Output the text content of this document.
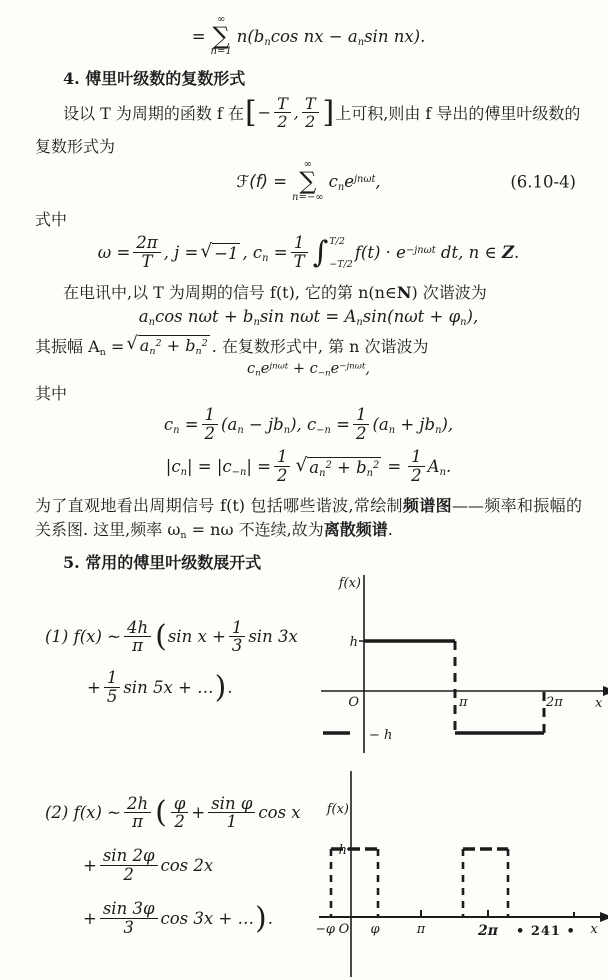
=
∞
∑
n=1
$n(b_n\cos$ nx − $a_n\sin$ nx).
4. 傅里叶级数的复数形式
设以 T 为周期的函数 f 在 [ − $\frac{T}{2}$ , $\frac{T}{2}$ ] 上可积,则由 f 导出的傅里叶级数的
复数形式为
ℱ(f) =
∞
∑
n=−∞
$c_ne^{jn\omega t}$,	(6.10-4)
式中
$\omega = \frac{2\pi}{T}$ , j = √ −1 , $c_n = \frac{1}{T}$ ∫ T/2
−T/2
$f(t) \cdot e^{-jn\omega t}$ dt, n ∈ Z.
在电讯中,以 T 为周期的信号 f(t), 它的第 n(n∈N) 次谐波为
$a_n\cos$ $n\omega t + b_n\sin$ $n\omega t = A_n\sin(n\omega t + \varphi_n)$,
其振幅 $A_n$ = √ $a_n^2 + b_n^2$ . 在复数形式中, 第 n 次谐波为
$c_ne^{jn\omega t} + c_{-n}e^{-jn\omega t}$,
其中
$c_n = \frac{1}{2} (a_n - jb_n)$, $c_{-n} = \frac{1}{2} (a_n + jb_n)$,
$|c_n| = |c_{-n}| = \frac{1}{2}$ √ $a_n^2 + b_n^2 = \frac{1}{2} A_n$.
为了直观地看出周期信号 f(t) 包括哪些谐波,常绘制频谱图——频率和振幅的关系图. 这里,频率 $\omega_n = n\omega$ 不连续,故为离散频谱.
5. 常用的傅里叶级数展开式
(1) f(x) ~ $\frac{4h}{\pi}$ ( $\sin x + \frac{1}{3}$ sin 3x
+ $\frac{1}{5}$ sin 5x + … ) .
f(x)
h
− h
O	π	2π x
(2) f(x) ~ $\frac{2h}{\pi}$ ( $\frac{\varphi}{2} + \frac{\text{sin φ}}{1}$ cos x
+ $\frac{\sin 2\varphi}{2}$ cos 2x
+ $\frac{\sin 3\varphi}{3}$ cos 3x + … ) .
f(x)
h
−φ O φ	π	2π	x
• 241 •
